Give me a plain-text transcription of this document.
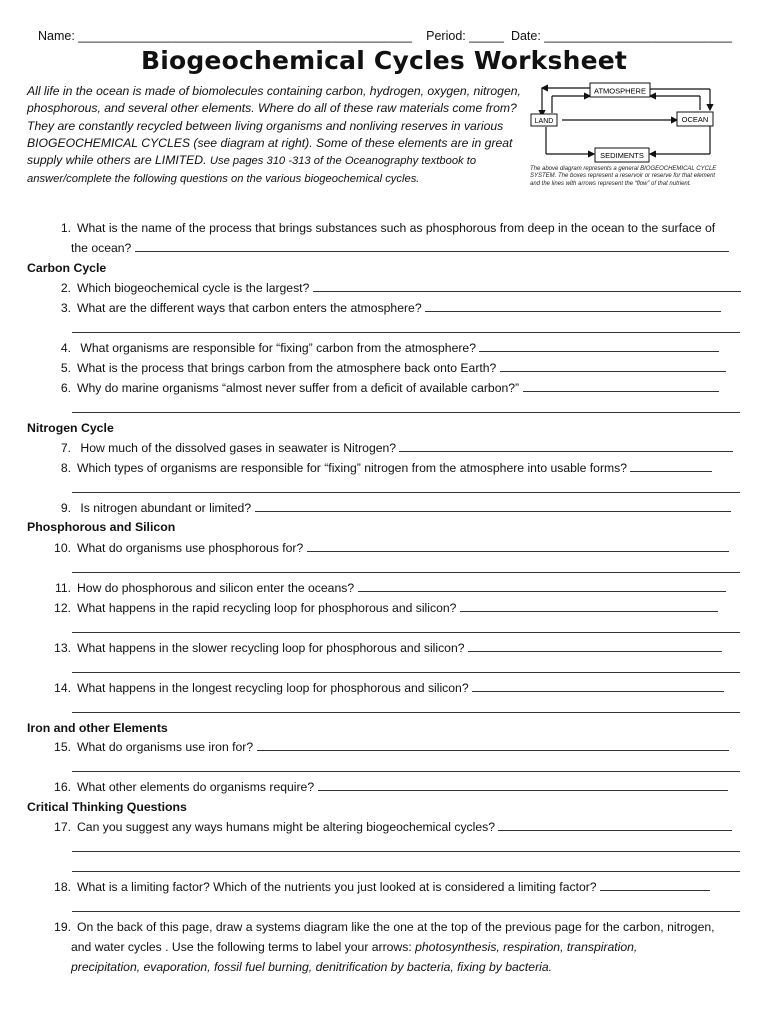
Name: ________________________________________________ Period: _____ Date: ___________________________
Biogeochemical Cycles Worksheet
All life in the ocean is made of biomolecules containing carbon, hydrogen, oxygen, nitrogen, phosphorous, and several other elements. Where do all of these raw materials come from? They are constantly recycled between living organisms and nonliving reserves in various BIOGEOCHEMICAL CYCLES (see diagram at right). Some of these elements are in great supply while others are LIMITED. Use pages 310 -313 of the Oceanography textbook to answer/complete the following questions on the various biogeochemical cycles.
ATMOSPHERE
LAND	OCEAN
SEDIMENTS
The above diagram represents a general BIOGEOCHEMICAL CYCLE SYSTEM. The boxes represent a reservoir or reserve for that element and the lines with arrows represent the “flow” of that nutrient.
1. What is the name of the process that brings substances such as phosphorous from deep in the ocean to the surface of
the ocean?
Carbon Cycle
2. Which biogeochemical cycle is the largest?
3. What are the different ways that carbon enters the atmosphere?
4. What organisms are responsible for “fixing” carbon from the atmosphere?
5. What is the process that brings carbon from the atmosphere back onto Earth?
6. Why do marine organisms “almost never suffer from a deficit of available carbon?”
Nitrogen Cycle
7. How much of the dissolved gases in seawater is Nitrogen?
8. Which types of organisms are responsible for “fixing” nitrogen from the atmosphere into usable forms?
9. Is nitrogen abundant or limited?
Phosphorous and Silicon
10. What do organisms use phosphorous for?
11. How do phosphorous and silicon enter the oceans?
12. What happens in the rapid recycling loop for phosphorous and silicon?
13. What happens in the slower recycling loop for phosphorous and silicon?
14. What happens in the longest recycling loop for phosphorous and silicon?
Iron and other Elements
15. What do organisms use iron for?
16. What other elements do organisms require?
Critical Thinking Questions
17. Can you suggest any ways humans might be altering biogeochemical cycles?
18. What is a limiting factor? Which of the nutrients you just looked at is considered a limiting factor?
19. On the back of this page, draw a systems diagram like the one at the top of the previous page for the carbon, nitrogen,
and water cycles . Use the following terms to label your arrows: photosynthesis, respiration, transpiration,
precipitation, evaporation, fossil fuel burning, denitrification by bacteria, fixing by bacteria.
